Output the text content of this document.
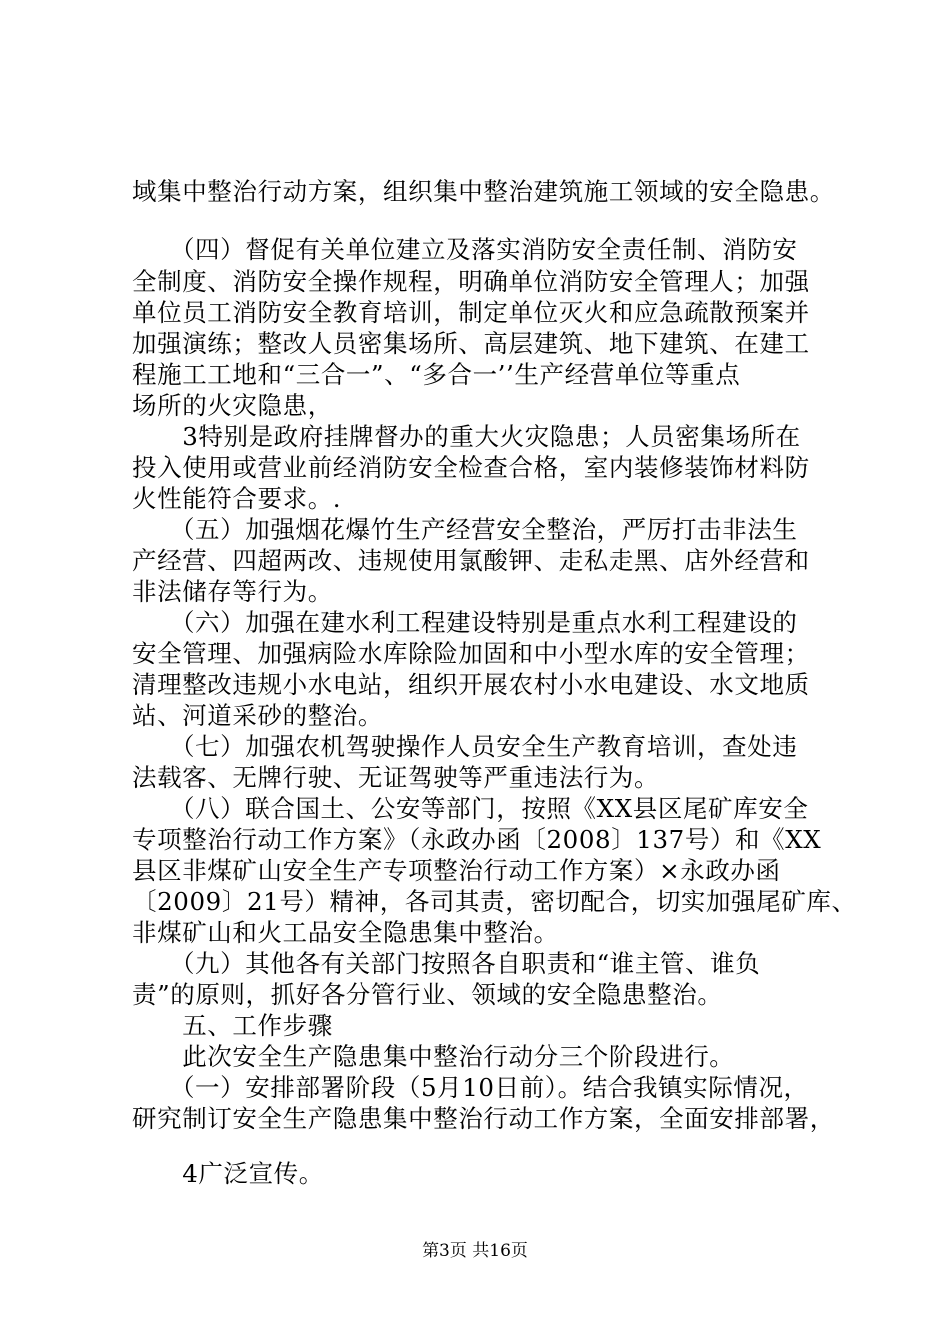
域集中整治行动方案，组织集中整治建筑施工领域的安全隐患。
　　（四）督促有关单位建立及落实消防安全责任制、消防安
全制度、消防安全操作规程，明确单位消防安全管理人；加强
单位员工消防安全教育培训，制定单位灭火和应急疏散预案并
加强演练；整改人员密集场所、高层建筑、地下建筑、在建工
程施工工地和“三合一”、“多合一’’生产经营单位等重点
场所的火灾隐患，
　　3特别是政府挂牌督办的重大火灾隐患；人员密集场所在
投入使用或营业前经消防安全检查合格，室内装修装饰材料防
火性能符合要求。.
　　（五）加强烟花爆竹生产经营安全整治，严厉打击非法生
产经营、四超两改、违规使用氯酸钾、走私走黑、店外经营和
非法储存等行为。
　　（六）加强在建水利工程建设特别是重点水利工程建设的
安全管理、加强病险水库除险加固和中小型水库的安全管理；
清理整改违规小水电站，组织开展农村小水电建设、水文地质
站、河道采砂的整治。
　　（七）加强农机驾驶操作人员安全生产教育培训，查处违
法载客、无牌行驶、无证驾驶等严重违法行为。
　　（八）联合国土、公安等部门，按照《XX县区尾矿库安全
专项整治行动工作方案》（永政办函〔2008〕137号）和《XX
县区非煤矿山安全生产专项整治行动工作方案）×永政办函
〔2009〕21号）精神，各司其责，密切配合，切实加强尾矿库、
非煤矿山和火工品安全隐患集中整治。
　　（九）其他各有关部门按照各自职责和“谁主管、谁负
责”的原则，抓好各分管行业、领域的安全隐患整治。
　　五、工作步骤
　　此次安全生产隐患集中整治行动分三个阶段进行。
　　（一）安排部署阶段（5月10日前）。结合我镇实际情况，
研究制订安全生产隐患集中整治行动工作方案，全面安排部署，
　　4广泛宣传。
第3页 共16页
